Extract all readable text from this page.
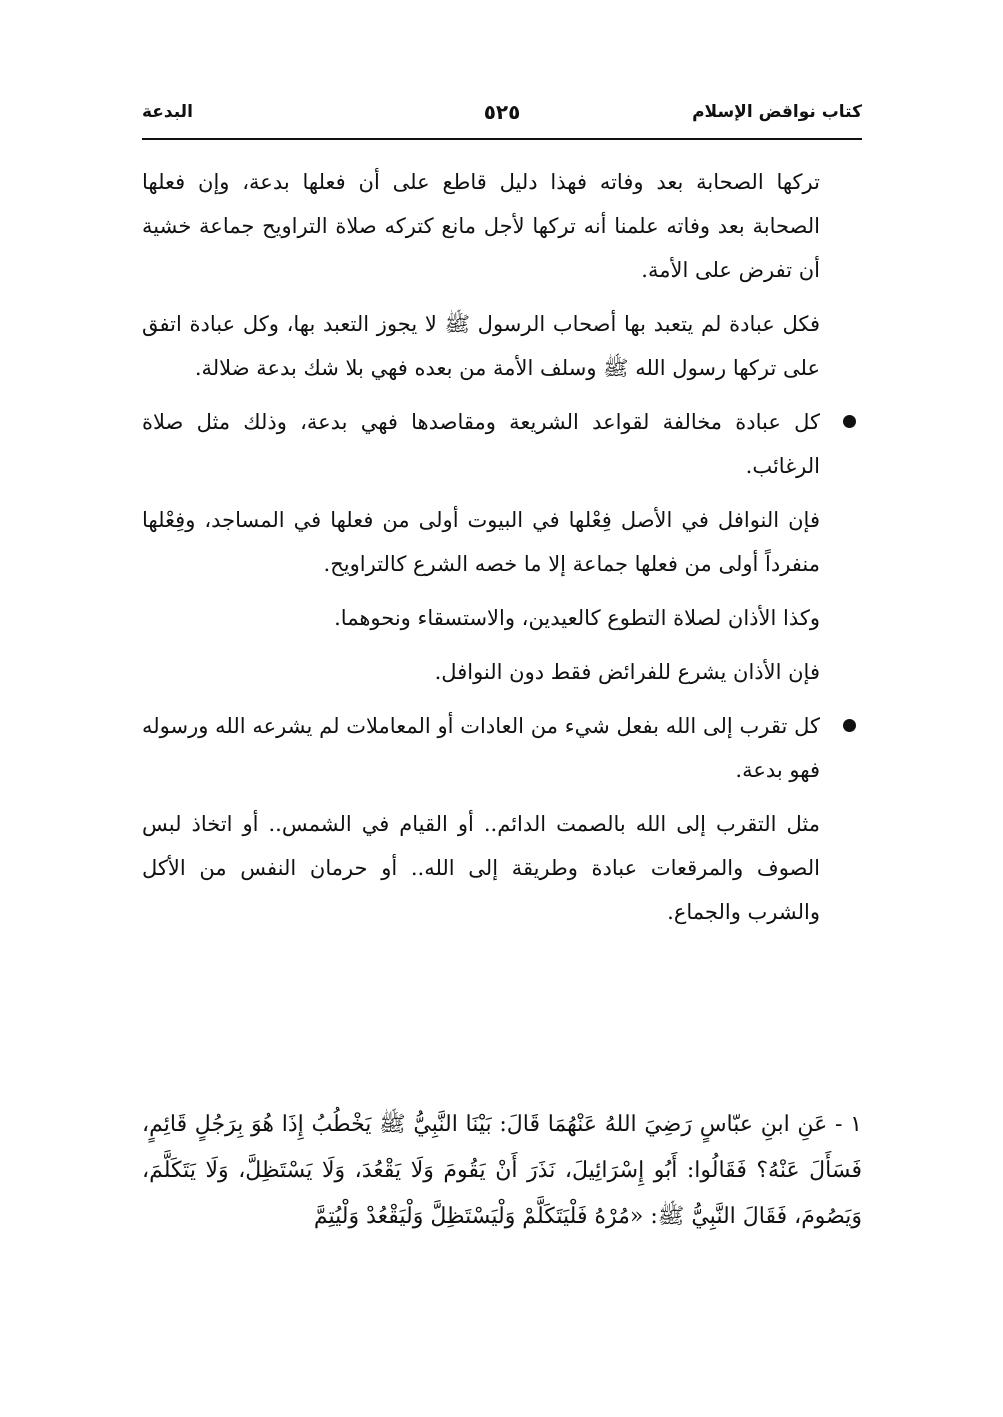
كتاب نواقض الإسلام
٥٢٥
البدعة

تركها الصحابة بعد وفاته فهذا دليل قاطع على أن فعلها بدعة، وإن فعلها الصحابة بعد وفاته علمنا أنه تركها لأجل مانع كتركه صلاة التراويح جماعة خشية أن تفرض على الأمة.

فكل عبادة لم يتعبد بها أصحاب الرسول ﷺ لا يجوز التعبد بها، وكل عبادة اتفق على تركها رسول الله ﷺ وسلف الأمة من بعده فهي بلا شك بدعة ضلالة.

كل عبادة مخالفة لقواعد الشريعة ومقاصدها فهي بدعة، وذلك مثل صلاة الرغائب.

فإن النوافل في الأصل فِعْلها في البيوت أولى من فعلها في المساجد، وفِعْلها منفرداً أولى من فعلها جماعة إلا ما خصه الشرع كالتراويح.

وكذا الأذان لصلاة التطوع كالعيدين، والاستسقاء ونحوهما.

فإن الأذان يشرع للفرائض فقط دون النوافل.

كل تقرب إلى الله بفعل شيء من العادات أو المعاملات لم يشرعه الله ورسوله فهو بدعة.

مثل التقرب إلى الله بالصمت الدائم.. أو القيام في الشمس.. أو اتخاذ لبس الصوف والمرقعات عبادة وطريقة إلى الله.. أو حرمان النفس من الأكل والشرب والجماع.

١ - عَنِ ابنِ عبّاسٍ رَضِيَ اللهُ عَنْهُمَا قَالَ: بَيْنَا النَّبِيُّ ﷺ يَخْطُبُ إِذَا هُوَ بِرَجُلٍ قَائِمٍ، فَسَأَلَ عَنْهُ؟ فَقَالُوا: أَبُو إِسْرَائِيلَ، نَذَرَ أَنْ يَقُومَ وَلَا يَقْعُدَ، وَلَا يَسْتَظِلَّ، وَلَا يَتَكَلَّمَ، وَيَصُومَ، فَقَالَ النَّبِيُّ ﷺ: «مُرْهُ فَلْيَتَكَلَّمْ وَلْيَسْتَظِلَّ وَلْيَقْعُدْ وَلْيُتِمَّ
